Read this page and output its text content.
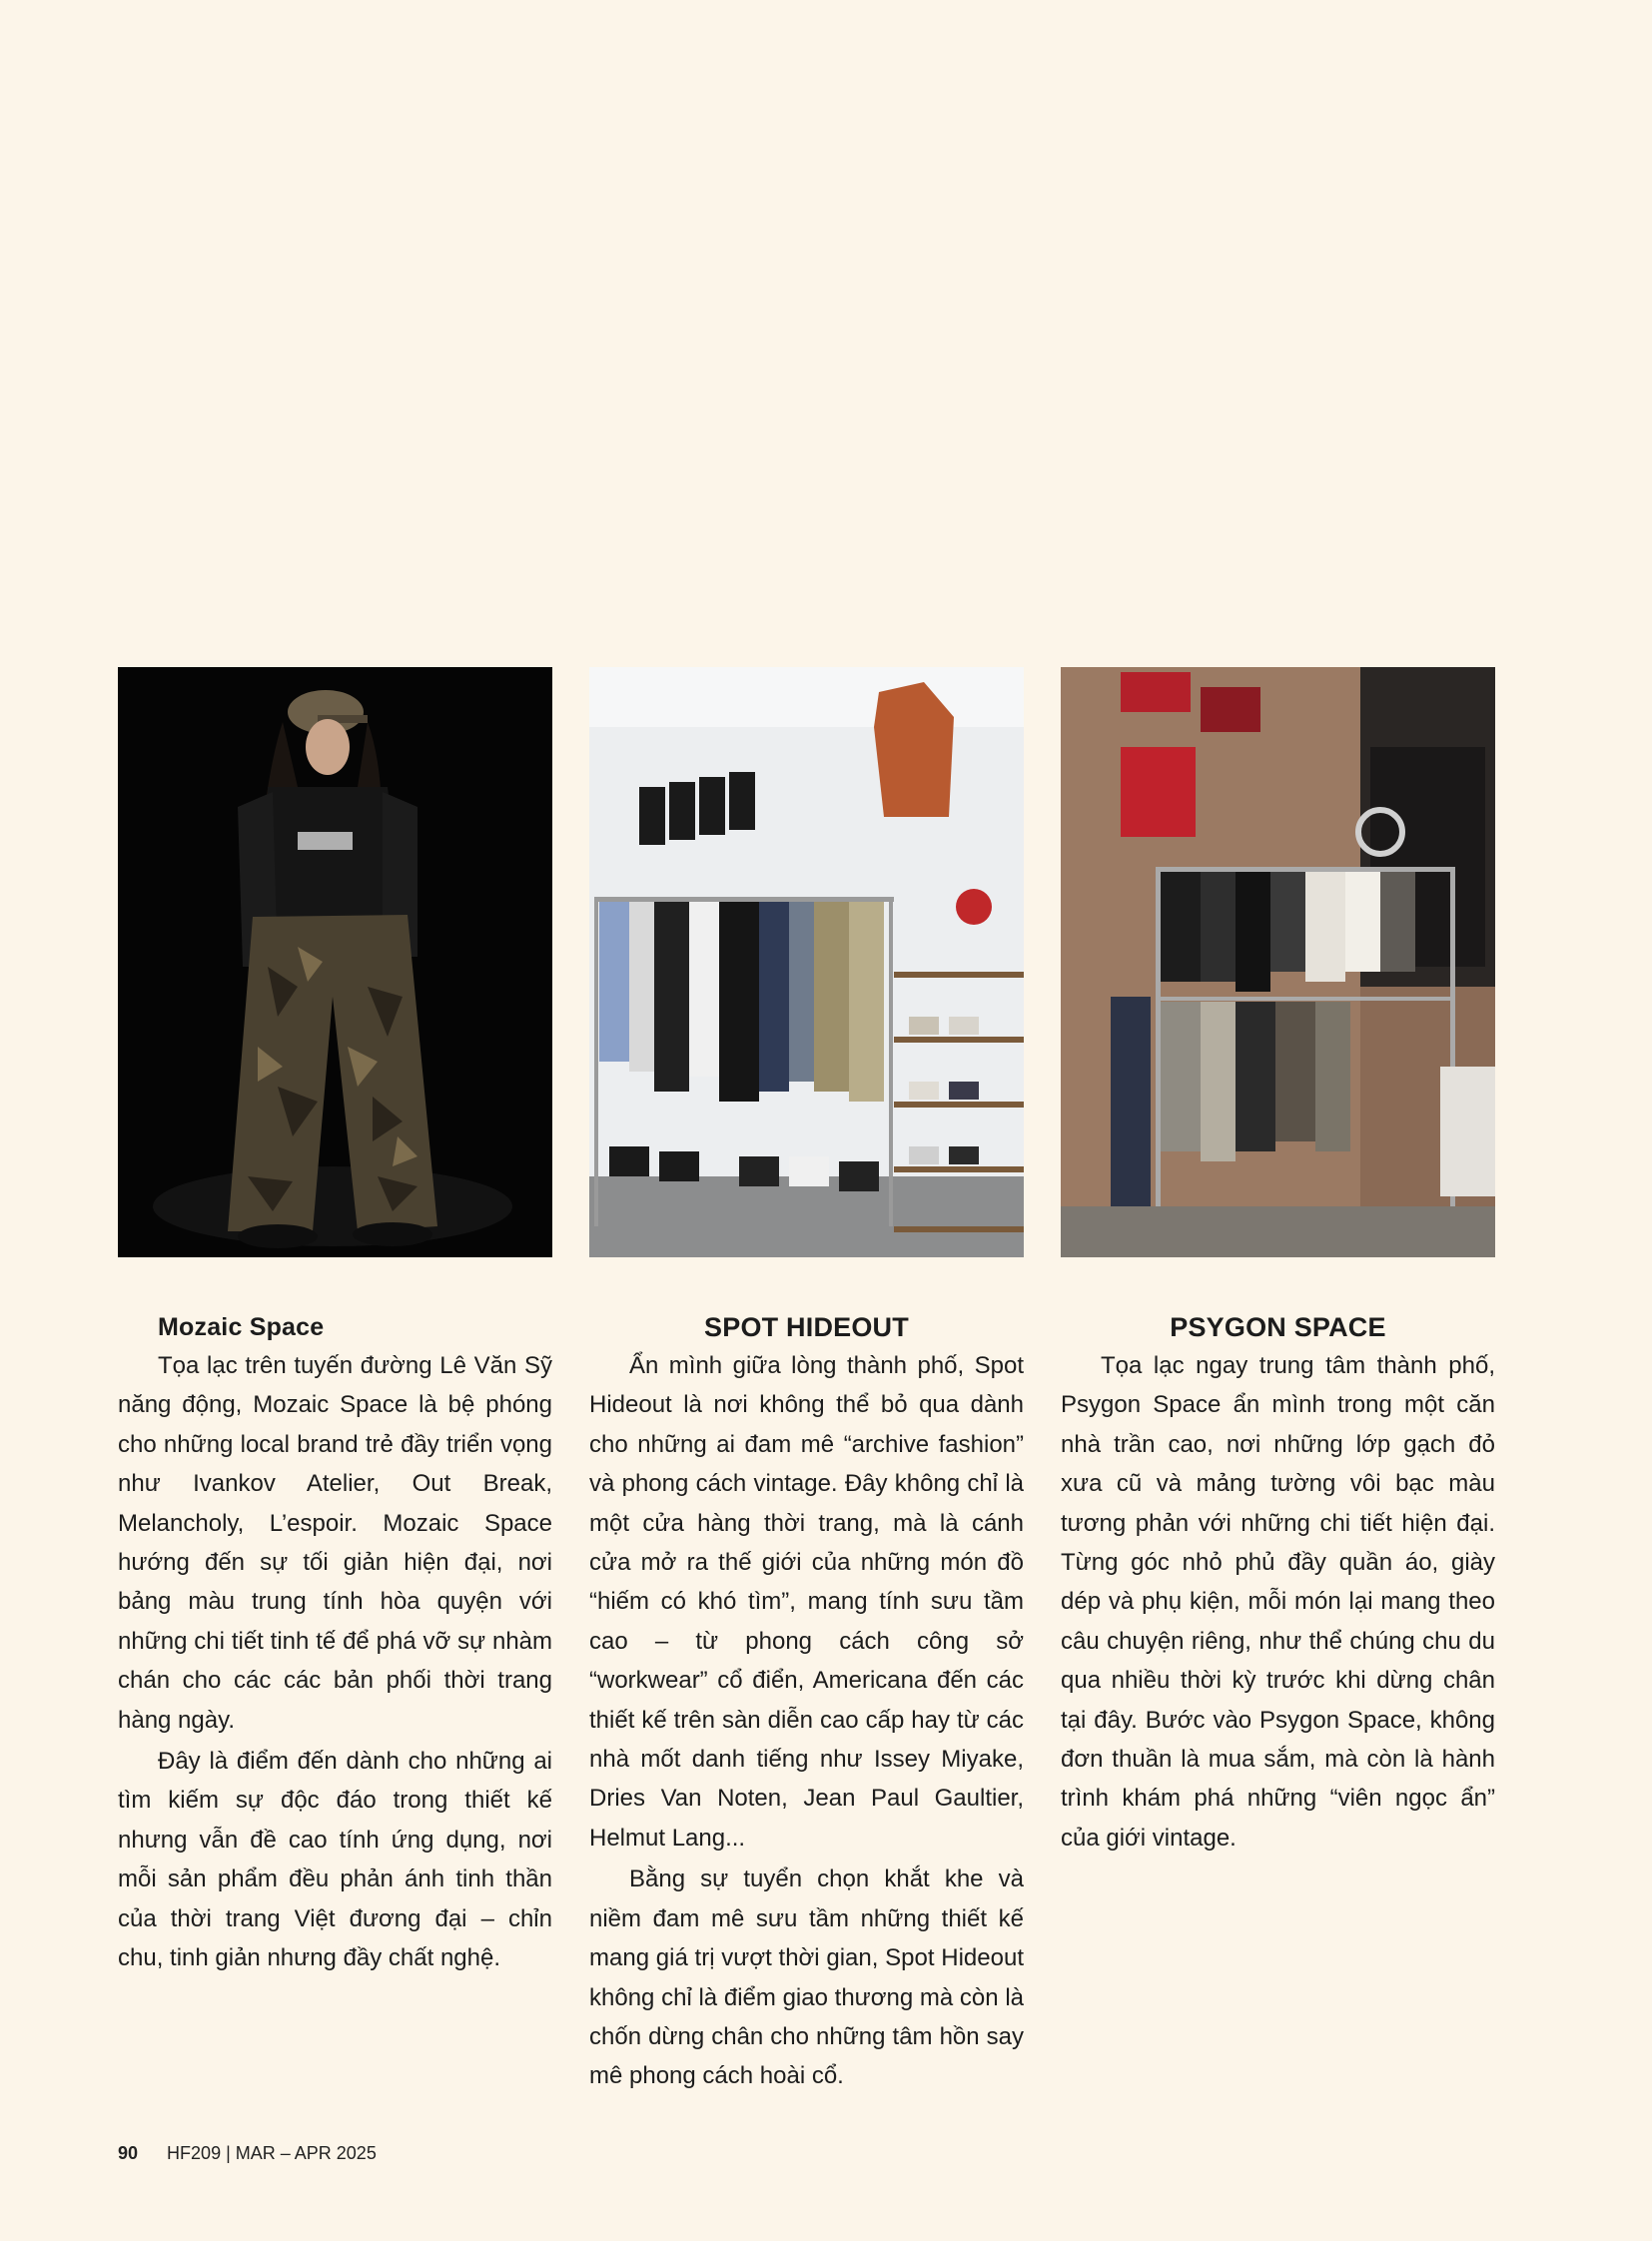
Mozaic Space

Tọa lạc trên tuyến đường Lê Văn Sỹ năng động, Mozaic Space là bệ phóng cho những local brand trẻ đầy triển vọng như Ivankov Atelier, Out Break, Melancholy, L’espoir. Mozaic Space hướng đến sự tối giản hiện đại, nơi bảng màu trung tính hòa quyện với những chi tiết tinh tế để phá vỡ sự nhàm chán cho các các bản phối thời trang hàng ngày.

Đây là điểm đến dành cho những ai tìm kiếm sự độc đáo trong thiết kế nhưng vẫn đề cao tính ứng dụng, nơi mỗi sản phẩm đều phản ánh tinh thần của thời trang Việt đương đại – chỉn chu, tinh giản nhưng đầy chất nghệ.

SPOT HIDEOUT

Ẩn mình giữa lòng thành phố, Spot Hideout là nơi không thể bỏ qua dành cho những ai đam mê “archive fashion” và phong cách vintage. Đây không chỉ là một cửa hàng thời trang, mà là cánh cửa mở ra thế giới của những món đồ “hiếm có khó tìm”, mang tính sưu tầm cao – từ phong cách công sở “workwear” cổ điển, Americana đến các thiết kế trên sàn diễn cao cấp hay từ các nhà mốt danh tiếng như Issey Miyake, Dries Van Noten, Jean Paul Gaultier, Helmut Lang...

Bằng sự tuyển chọn khắt khe và niềm đam mê sưu tầm những thiết kế mang giá trị vượt thời gian, Spot Hideout không chỉ là điểm giao thương mà còn là chốn dừng chân cho những tâm hồn say mê phong cách hoài cổ.

PSYGON SPACE

Tọa lạc ngay trung tâm thành phố, Psygon Space ẩn mình trong một căn nhà trần cao, nơi những lớp gạch đỏ xưa cũ và mảng tường vôi bạc màu tương phản với những chi tiết hiện đại. Từng góc nhỏ phủ đầy quần áo, giày dép và phụ kiện, mỗi món lại mang theo câu chuyện riêng, như thể chúng chu du qua nhiều thời kỳ trước khi dừng chân tại đây. Bước vào Psygon Space, không đơn thuần là mua sắm, mà còn là hành trình khám phá những “viên ngọc ẩn” của giới vintage.

90 HF209 | MAR – APR 2025
